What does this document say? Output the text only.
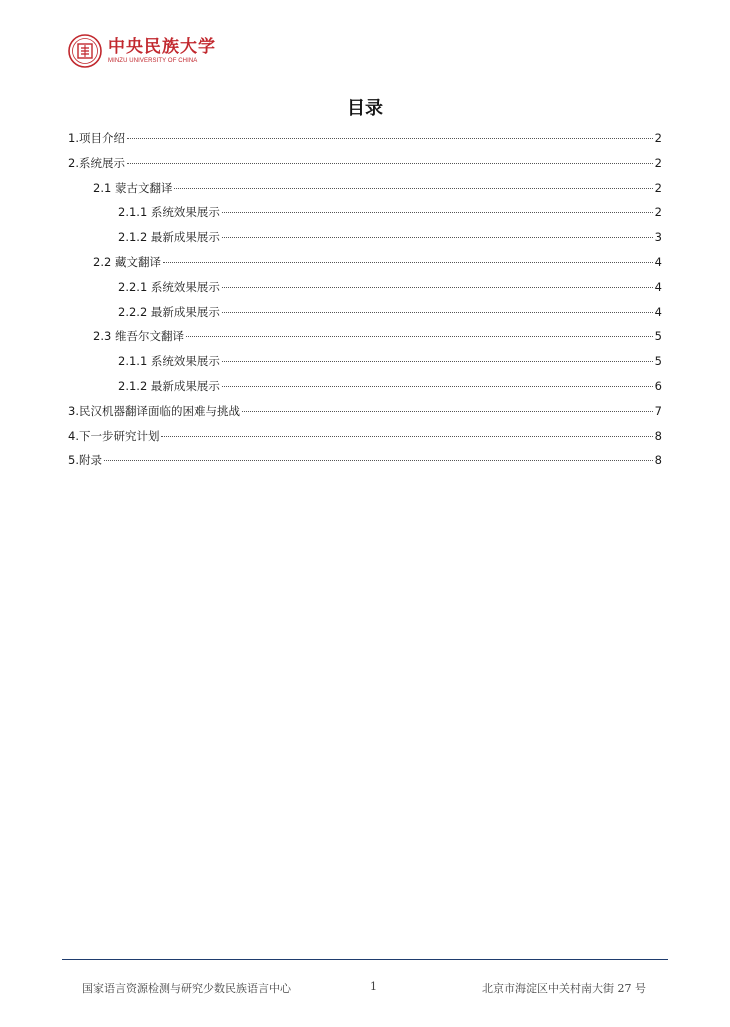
中央民族大学
MINZU UNIVERSITY OF CHINA
目录
1.项目介绍	2
2.系统展示	2
2.1 蒙古文翻译	2
2.1.1 系统效果展示	2
2.1.2 最新成果展示	3
2.2 藏文翻译	4
2.2.1 系统效果展示	4
2.2.2 最新成果展示	4
2.3 维吾尔文翻译	5
2.1.1 系统效果展示	5
2.1.2 最新成果展示	6
3.民汉机器翻译面临的困难与挑战	7
4.下一步研究计划	8
5.附录	8
国家语言资源检测与研究少数民族语言中心	1	北京市海淀区中关村南大街 27 号
